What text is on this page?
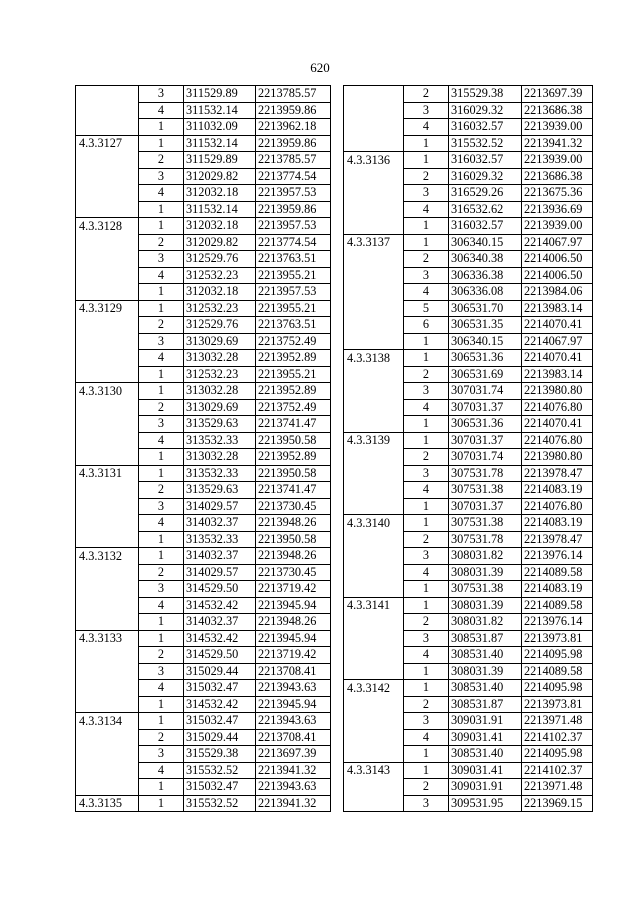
620
	3	311529.89	2213785.57
	4	311532.14	2213959.86
	1	311032.09	2213962.18
4.3.3127	1	311532.14	2213959.86
	2	311529.89	2213785.57
	3	312029.82	2213774.54
	4	312032.18	2213957.53
	1	311532.14	2213959.86
4.3.3128	1	312032.18	2213957.53
	2	312029.82	2213774.54
	3	312529.76	2213763.51
	4	312532.23	2213955.21
	1	312032.18	2213957.53
4.3.3129	1	312532.23	2213955.21
	2	312529.76	2213763.51
	3	313029.69	2213752.49
	4	313032.28	2213952.89
	1	312532.23	2213955.21
4.3.3130	1	313032.28	2213952.89
	2	313029.69	2213752.49
	3	313529.63	2213741.47
	4	313532.33	2213950.58
	1	313032.28	2213952.89
4.3.3131	1	313532.33	2213950.58
	2	313529.63	2213741.47
	3	314029.57	2213730.45
	4	314032.37	2213948.26
	1	313532.33	2213950.58
4.3.3132	1	314032.37	2213948.26
	2	314029.57	2213730.45
	3	314529.50	2213719.42
	4	314532.42	2213945.94
	1	314032.37	2213948.26
4.3.3133	1	314532.42	2213945.94
	2	314529.50	2213719.42
	3	315029.44	2213708.41
	4	315032.47	2213943.63
	1	314532.42	2213945.94
4.3.3134	1	315032.47	2213943.63
	2	315029.44	2213708.41
	3	315529.38	2213697.39
	4	315532.52	2213941.32
	1	315032.47	2213943.63
4.3.3135	1	315532.52	2213941.32
	2	315529.38	2213697.39
	3	316029.32	2213686.38
	4	316032.57	2213939.00
	1	315532.52	2213941.32
4.3.3136	1	316032.57	2213939.00
	2	316029.32	2213686.38
	3	316529.26	2213675.36
	4	316532.62	2213936.69
	1	316032.57	2213939.00
4.3.3137	1	306340.15	2214067.97
	2	306340.38	2214006.50
	3	306336.38	2214006.50
	4	306336.08	2213984.06
	5	306531.70	2213983.14
	6	306531.35	2214070.41
	1	306340.15	2214067.97
4.3.3138	1	306531.36	2214070.41
	2	306531.69	2213983.14
	3	307031.74	2213980.80
	4	307031.37	2214076.80
	1	306531.36	2214070.41
4.3.3139	1	307031.37	2214076.80
	2	307031.74	2213980.80
	3	307531.78	2213978.47
	4	307531.38	2214083.19
	1	307031.37	2214076.80
4.3.3140	1	307531.38	2214083.19
	2	307531.78	2213978.47
	3	308031.82	2213976.14
	4	308031.39	2214089.58
	1	307531.38	2214083.19
4.3.3141	1	308031.39	2214089.58
	2	308031.82	2213976.14
	3	308531.87	2213973.81
	4	308531.40	2214095.98
	1	308031.39	2214089.58
4.3.3142	1	308531.40	2214095.98
	2	308531.87	2213973.81
	3	309031.91	2213971.48
	4	309031.41	2214102.37
	1	308531.40	2214095.98
4.3.3143	1	309031.41	2214102.37
	2	309031.91	2213971.48
	3	309531.95	2213969.15
